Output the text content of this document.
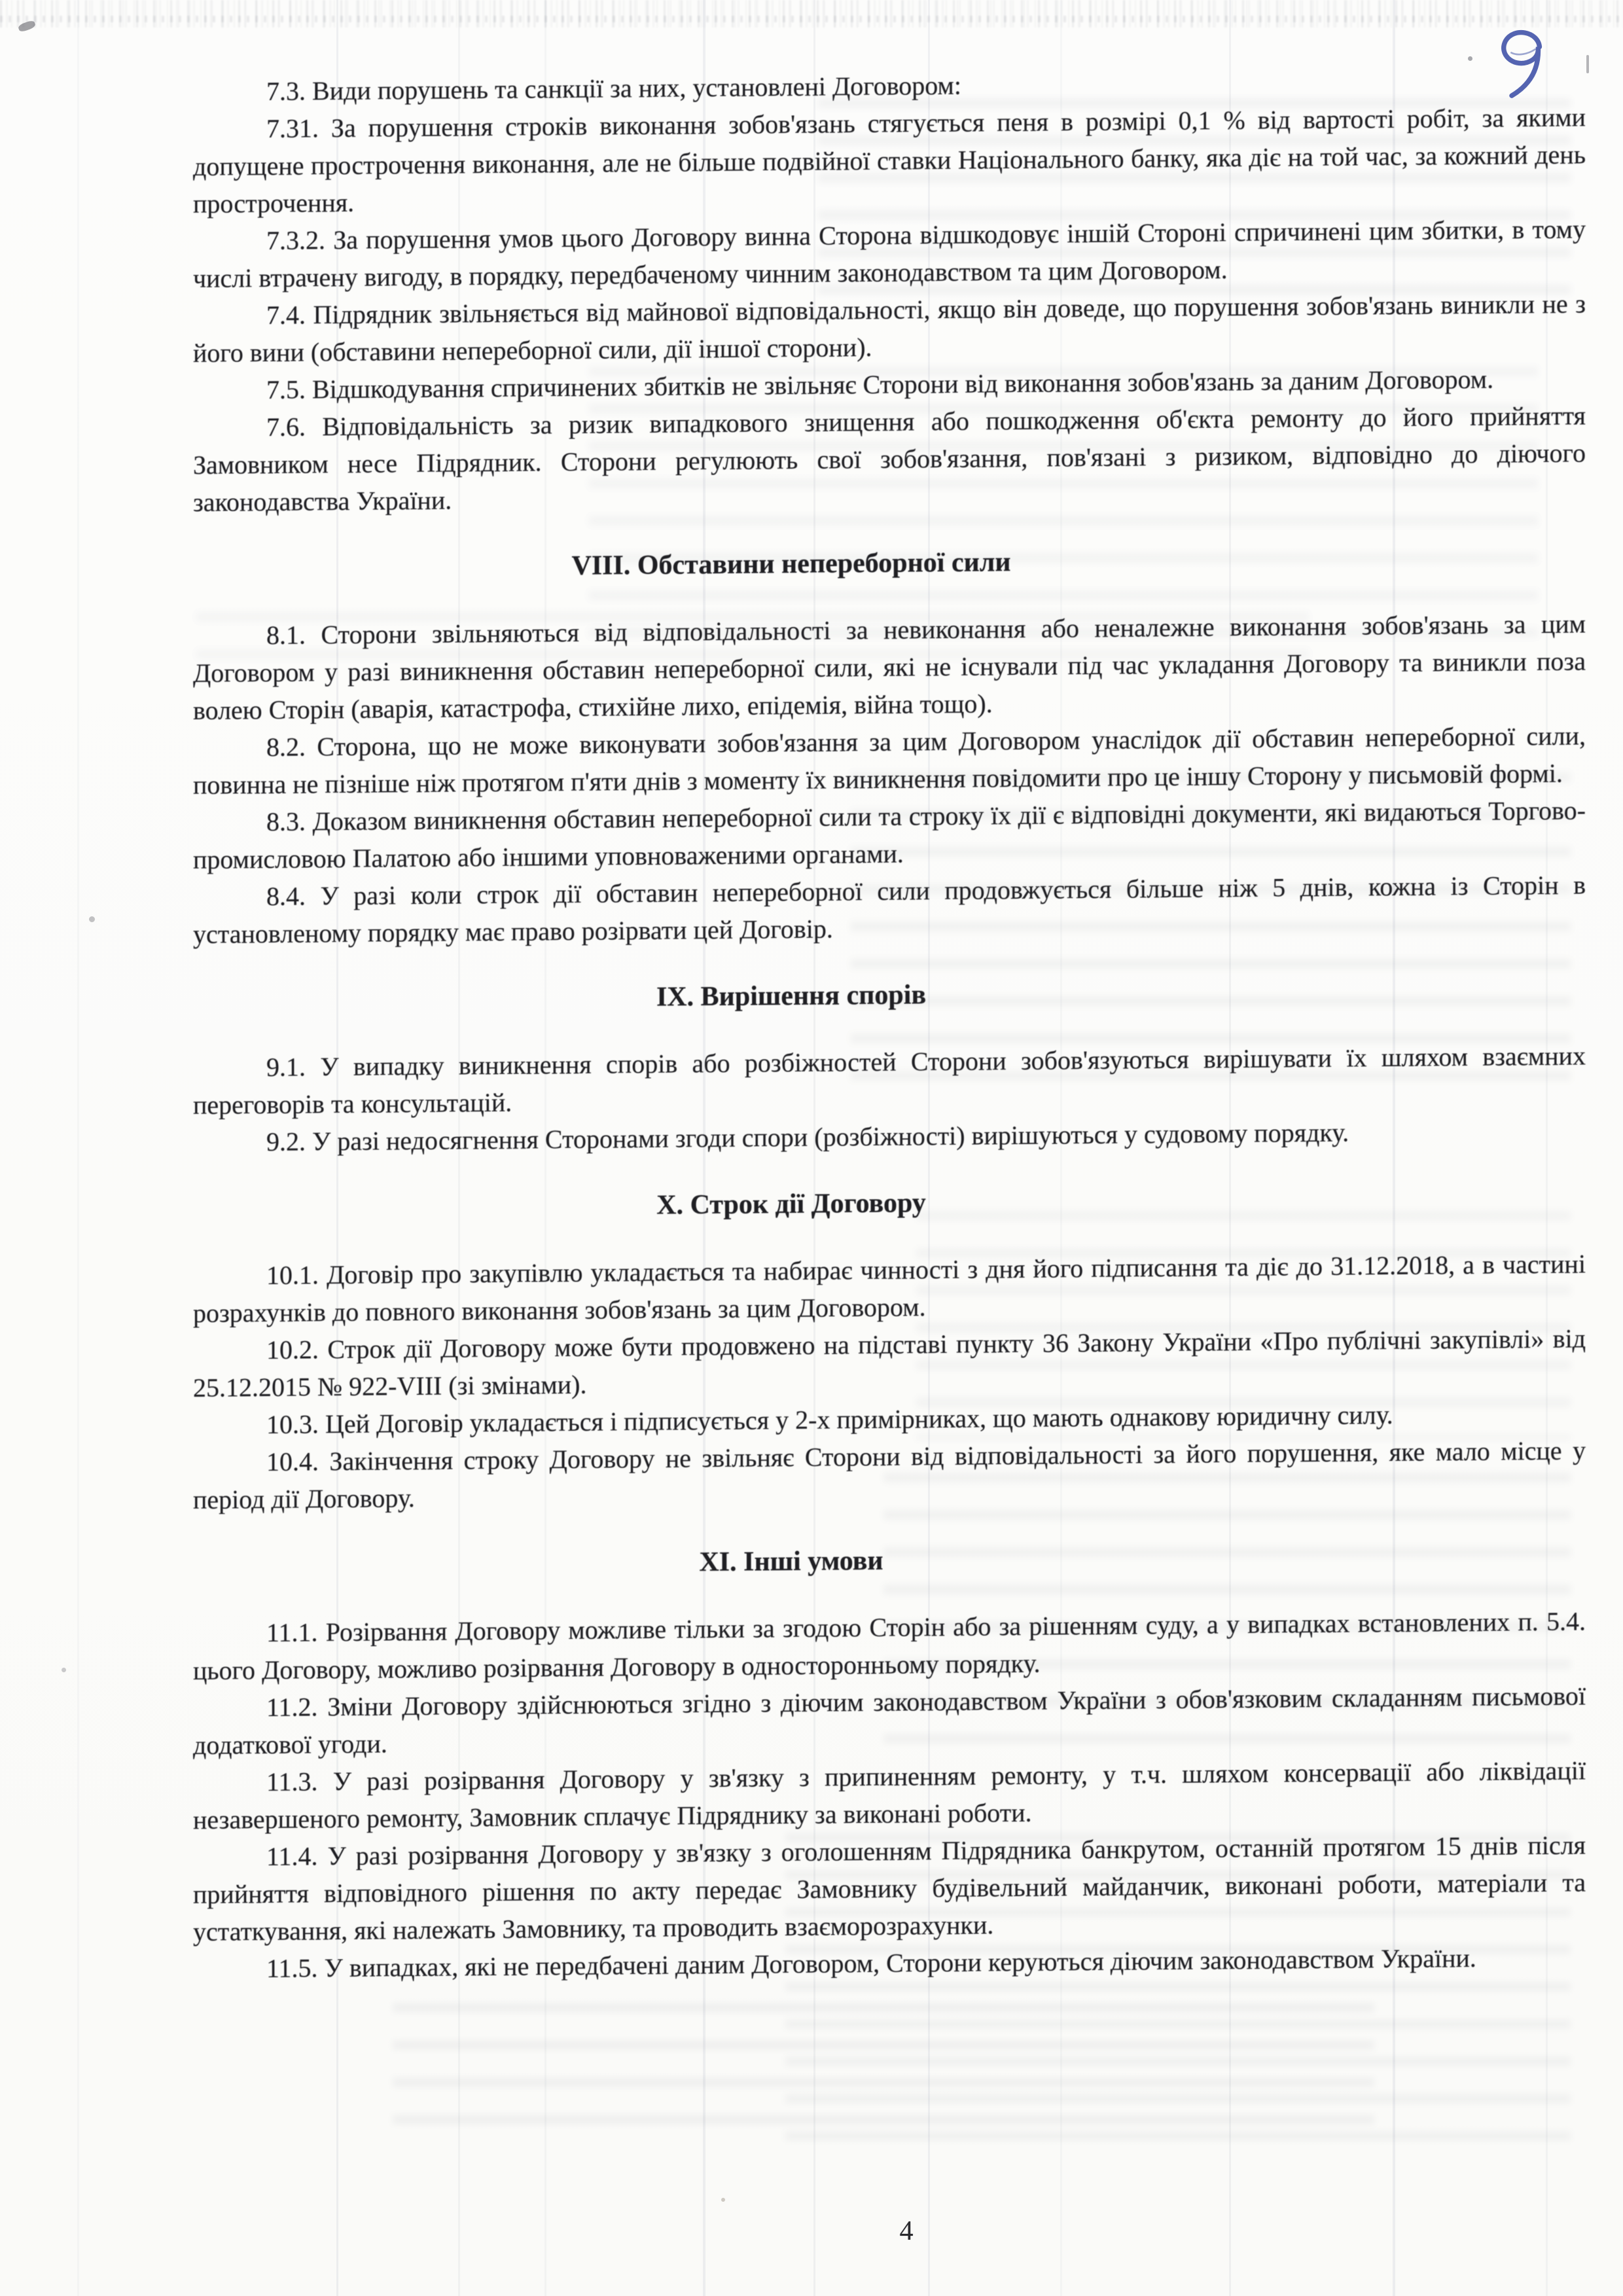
7.3. Види порушень та санкції за них, установлені Договором:

7.31. За порушення строків виконання зобов'язань стягується пеня в розмірі 0,1 % від вартості робіт, за якими допущене прострочення виконання, але не більше подвійної ставки Національного банку, яка діє на той час, за кожний день прострочення.

7.3.2. За порушення умов цього Договору винна Сторона відшкодовує іншій Стороні спричинені цим збитки, в тому числі втрачену вигоду, в порядку, передбаченому чинним законодавством та цим Договором.

7.4. Підрядник звільняється від майнової відповідальності, якщо він доведе, що порушення зобов'язань виникли не з його вини (обставини непереборної сили, дії іншої сторони).

7.5. Відшкодування спричинених збитків не звільняє Сторони від виконання зобов'язань за даним Договором.

7.6. Відповідальність за ризик випадкового знищення або пошкодження об'єкта ремонту до його прийняття Замовником несе Підрядник. Сторони регулюють свої зобов'язання, пов'язані з ризиком, відповідно до діючого законодавства України.

VIII. Обставини непереборної сили

8.1. Сторони звільняються від відповідальності за невиконання або неналежне виконання зобов'язань за цим Договором у разі виникнення обставин непереборної сили, які не існували під час укладання Договору та виникли поза волею Сторін (аварія, катастрофа, стихійне лихо, епідемія, війна тощо).

8.2. Сторона, що не може виконувати зобов'язання за цим Договором унаслідок дії обставин непереборної сили, повинна не пізніше ніж протягом п'яти днів з моменту їх виникнення повідомити про це іншу Сторону у письмовій формі.

8.3. Доказом виникнення обставин непереборної сили та строку їх дії є відповідні документи, які видаються Торгово-промисловою Палатою або іншими уповноваженими органами.

8.4. У разі коли строк дії обставин непереборної сили продовжується більше ніж 5 днів, кожна із Сторін в установленому порядку має право розірвати цей Договір.

IX. Вирішення спорів

9.1. У випадку виникнення спорів або розбіжностей Сторони зобов'язуються вирішувати їх шляхом взаємних переговорів та консультацій.

9.2. У разі недосягнення Сторонами згоди спори (розбіжності) вирішуються у судовому порядку.

X. Строк дії Договору

10.1. Договір про закупівлю укладається та набирає чинності з дня його підписання та діє до 31.12.2018, а в частині розрахунків до повного виконання зобов'язань за цим Договором.

10.2. Строк дії Договору може бути продовжено на підставі пункту 36 Закону України «Про публічні закупівлі» від 25.12.2015 № 922-VIII (зі змінами).

10.3. Цей Договір укладається і підписується у 2-х примірниках, що мають однакову юридичну силу.

10.4. Закінчення строку Договору не звільняє Сторони від відповідальності за його порушення, яке мало місце у період дії Договору.

XI. Інші умови

11.1. Розірвання Договору можливе тільки за згодою Сторін або за рішенням суду, а у випадках встановлених п. 5.4. цього Договору, можливо розірвання Договору в односторонньому порядку.

11.2. Зміни Договору здійснюються згідно з діючим законодавством України з обов'язковим складанням письмової додаткової угоди.

11.3. У разі розірвання Договору у зв'язку з припиненням ремонту, у т.ч. шляхом консервації або ліквідації незавершеного ремонту, Замовник сплачує Підряднику за виконані роботи.

11.4. У разі розірвання Договору у зв'язку з оголошенням Підрядника банкрутом, останній протягом 15 днів після прийняття відповідного рішення по акту передає Замовнику будівельний майданчик, виконані роботи, матеріали та устаткування, які належать Замовнику, та проводить взаєморозрахунки.

11.5. У випадках, які не передбачені даним Договором, Сторони керуються діючим законодавством України.

4
